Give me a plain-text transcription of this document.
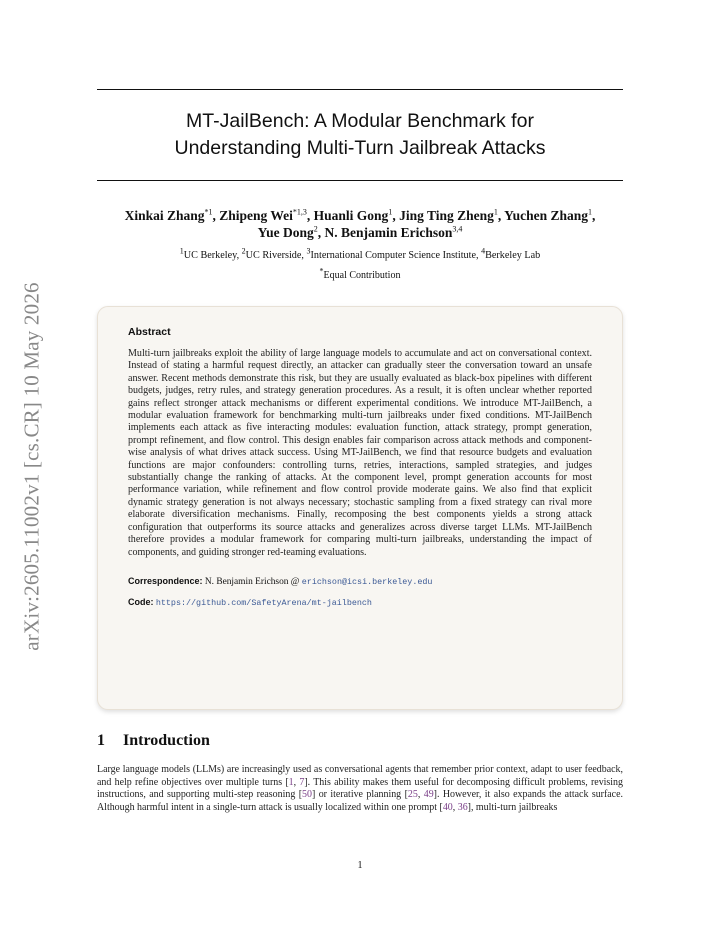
arXiv:2605.11002v1 [cs.CR] 10 May 2026
MT-JailBench: A Modular Benchmark for
Understanding Multi-Turn Jailbreak Attacks
Xinkai Zhang$^{*1}$, Zhipeng Wei$^{*1,3}$, Huanli Gong$^1$, Jing Ting Zheng$^1$, Yuchen Zhang$^1$, Yue Dong$^2$, N. Benjamin Erichson$^{3,4}$
$^1$UC Berkeley, $^2$UC Riverside, $^3$International Computer Science Institute, $^4$Berkeley Lab
*Equal Contribution
Abstract

Multi-turn jailbreaks exploit the ability of large language models to accumulate and act on conversational context. Instead of stating a harmful request directly, an attacker can gradually steer the conversation toward an unsafe answer. Recent methods demonstrate this risk, but they are usually evaluated as black-box pipelines with different budgets, judges, retry rules, and strategy generation procedures. As a result, it is often unclear whether reported gains reflect stronger attack mechanisms or different experimental conditions. We introduce MT-JailBench, a modular evaluation framework for benchmarking multi-turn jailbreaks under fixed conditions. MT-JailBench implements each attack as five interacting modules: evaluation function, attack strategy, prompt generation, prompt refinement, and flow control. This design enables fair comparison across attack methods and component-wise analysis of what drives attack success. Using MT-JailBench, we find that resource budgets and evaluation functions are major confounders: controlling turns, retries, interactions, sampled strategies, and judges substantially change the ranking of attacks. At the component level, prompt generation accounts for most performance variation, while refinement and flow control provide moderate gains. We also find that explicit dynamic strategy generation is not always necessary; stochastic sampling from a fixed strategy can rival more elaborate diversification mechanisms. Finally, recomposing the best components yields a strong attack configuration that outperforms its source attacks and generalizes across diverse target LLMs. MT-JailBench therefore provides a modular framework for comparing multi-turn jailbreaks, understanding the impact of components, and guiding stronger red-teaming evaluations.

Correspondence: N. Benjamin Erichson @ erichson@icsi.berkeley.edu
Code: https://github.com/SafetyArena/mt-jailbench
1 Introduction

Large language models (LLMs) are increasingly used as conversational agents that remember prior context, adapt to user feedback, and help refine objectives over multiple turns [1, 7]. This ability makes them useful for decomposing difficult problems, revising instructions, and supporting multi-step reasoning [50] or iterative planning [25, 49]. However, it also expands the attack surface. Although harmful intent in a single-turn attack is usually localized within one prompt [40, 36], multi-turn jailbreaks

1
